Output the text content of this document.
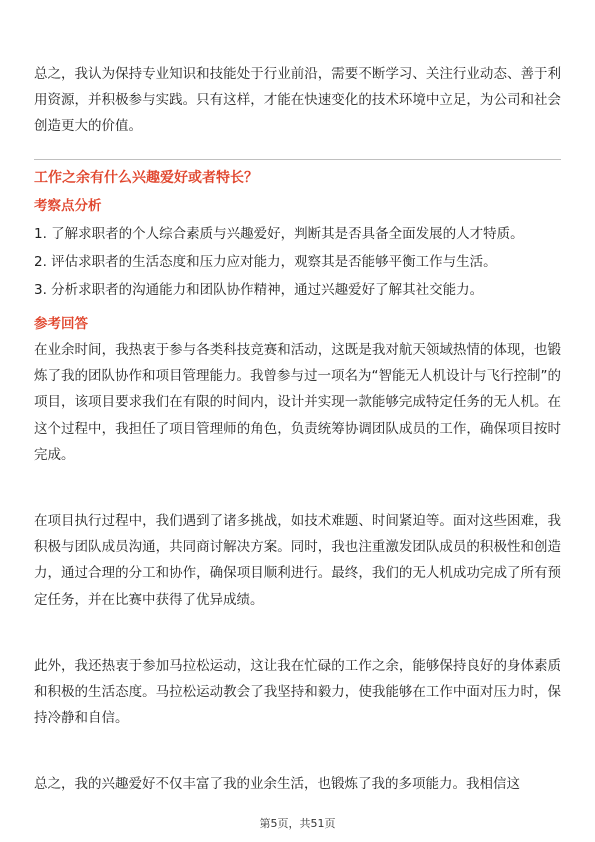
总之，我认为保持专业知识和技能处于行业前沿，需要不断学习、关注行业动态、善于利用资源，并积极参与实践。只有这样，才能在快速变化的技术环境中立足，为公司和社会创造更大的价值。

工作之余有什么兴趣爱好或者特长？
考察点分析
1. 了解求职者的个人综合素质与兴趣爱好，判断其是否具备全面发展的人才特质。
2. 评估求职者的生活态度和压力应对能力，观察其是否能够平衡工作与生活。
3. 分析求职者的沟通能力和团队协作精神，通过兴趣爱好了解其社交能力。
参考回答

在业余时间，我热衷于参与各类科技竞赛和活动，这既是我对航天领域热情的体现，也锻炼了我的团队协作和项目管理能力。我曾参与过一项名为“智能无人机设计与飞行控制”的项目，该项目要求我们在有限的时间内，设计并实现一款能够完成特定任务的无人机。在这个过程中，我担任了项目管理师的角色，负责统筹协调团队成员的工作，确保项目按时完成。

在项目执行过程中，我们遇到了诸多挑战，如技术难题、时间紧迫等。面对这些困难，我积极与团队成员沟通，共同商讨解决方案。同时，我也注重激发团队成员的积极性和创造力，通过合理的分工和协作，确保项目顺利进行。最终，我们的无人机成功完成了所有预定任务，并在比赛中获得了优异成绩。

此外，我还热衷于参加马拉松运动，这让我在忙碌的工作之余，能够保持良好的身体素质和积极的生活态度。马拉松运动教会了我坚持和毅力，使我能够在工作中面对压力时，保持冷静和自信。

总之，我的兴趣爱好不仅丰富了我的业余生活，也锻炼了我的多项能力。我相信这

第5页，共51页
